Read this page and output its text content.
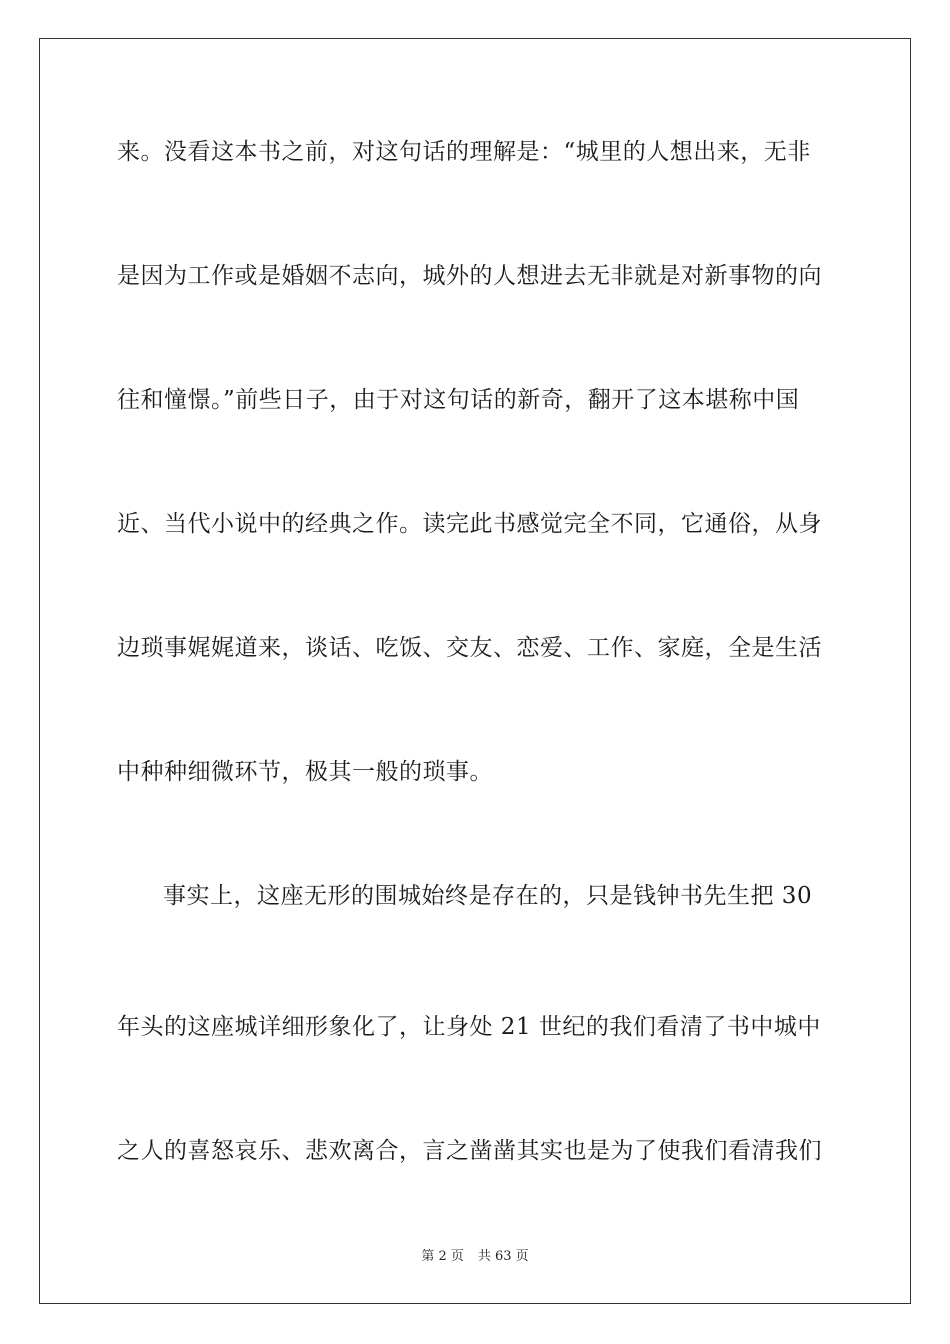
来。没看这本书之前，对这句话的理解是：“城里的人想出来，无非
是因为工作或是婚姻不志向，城外的人想进去无非就是对新事物的向
往和憧憬。”前些日子，由于对这句话的新奇，翻开了这本堪称中国
近、当代小说中的经典之作。读完此书感觉完全不同，它通俗，从身
边琐事娓娓道来，谈话、吃饭、交友、恋爱、工作、家庭，全是生活
中种种细微环节，极其一般的琐事。
事实上，这座无形的围城始终是存在的，只是钱钟书先生把 30
年头的这座城详细形象化了，让身处 21 世纪的我们看清了书中城中
之人的喜怒哀乐、悲欢离合，言之凿凿其实也是为了使我们看清我们
第 2 页 共 63 页
